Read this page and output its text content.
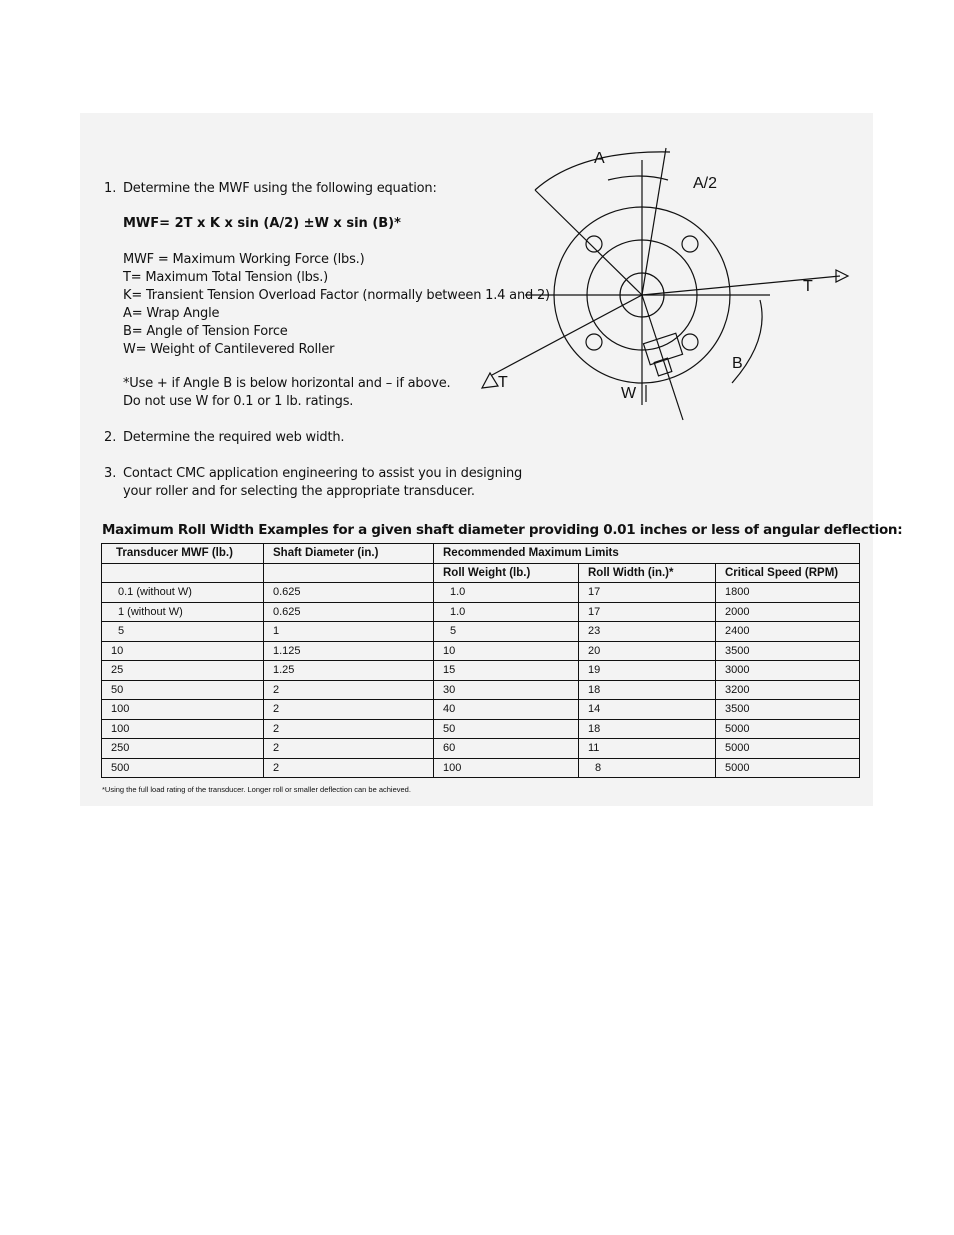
1. Determine the MWF using the following equation:
MWF= 2T x K x sin (A/2) ±W x sin (B)*
MWF = Maximum Working Force (lbs.)
T= Maximum Total Tension (lbs.)
K= Transient Tension Overload Factor (normally between 1.4 and 2)
A= Wrap Angle
B= Angle of Tension Force
W= Weight of Cantilevered Roller
*Use + if Angle B is below horizontal and – if above.
Do not use W for 0.1 or 1 lb. ratings.
2. Determine the required web width.
3. Contact CMC application engineering to assist you in designing
your roller and for selecting the appropriate transducer.
A
A/2
T
T
B
W
Maximum Roll Width Examples for a given shaft diameter providing 0.01 inches or less of angular deflection:
Transducer MWF (lb.)	Shaft Diameter (in.)	Recommended Maximum Limits		
		Roll Weight (lb.)	Roll Width (in.)*	Critical Speed (RPM)
0.1 (without W)	0.625	1.0	17	1800
1 (without W)	0.625	1.0	17	2000
5	1	5	23	2400
10	1.125	10	20	3500
25	1.25	15	19	3000
50	2	30	18	3200
100	2	40	14	3500
100	2	50	18	5000
250	2	60	11	5000
500	2	100	8	5000
*Using the full load rating of the transducer. Longer roll or smaller deflection can be achieved.
